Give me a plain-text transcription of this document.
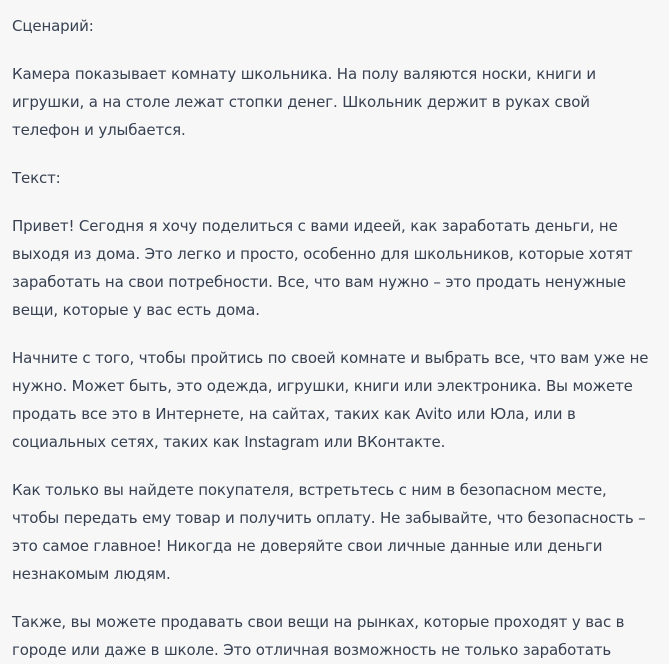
Сценарий:

Камера показывает комнату школьника. На полу валяются носки, книги и игрушки, а на столе лежат стопки денег. Школьник держит в руках свой телефон и улыбается.

Текст:

Привет! Сегодня я хочу поделиться с вами идеей, как заработать деньги, не выходя из дома. Это легко и просто, особенно для школьников, которые хотят заработать на свои потребности. Все, что вам нужно – это продать ненужные вещи, которые у вас есть дома.

Начните с того, чтобы пройтись по своей комнате и выбрать все, что вам уже не нужно. Может быть, это одежда, игрушки, книги или электроника. Вы можете продать все это в Интернете, на сайтах, таких как Avito или Юла, или в социальных сетях, таких как Instagram или ВКонтакте.

Как только вы найдете покупателя, встретьтесь с ним в безопасном месте, чтобы передать ему товар и получить оплату. Не забывайте, что безопасность – это самое главное! Никогда не доверяйте свои личные данные или деньги незнакомым людям.

Также, вы можете продавать свои вещи на рынках, которые проходят у вас в городе или даже в школе. Это отличная возможность не только заработать
